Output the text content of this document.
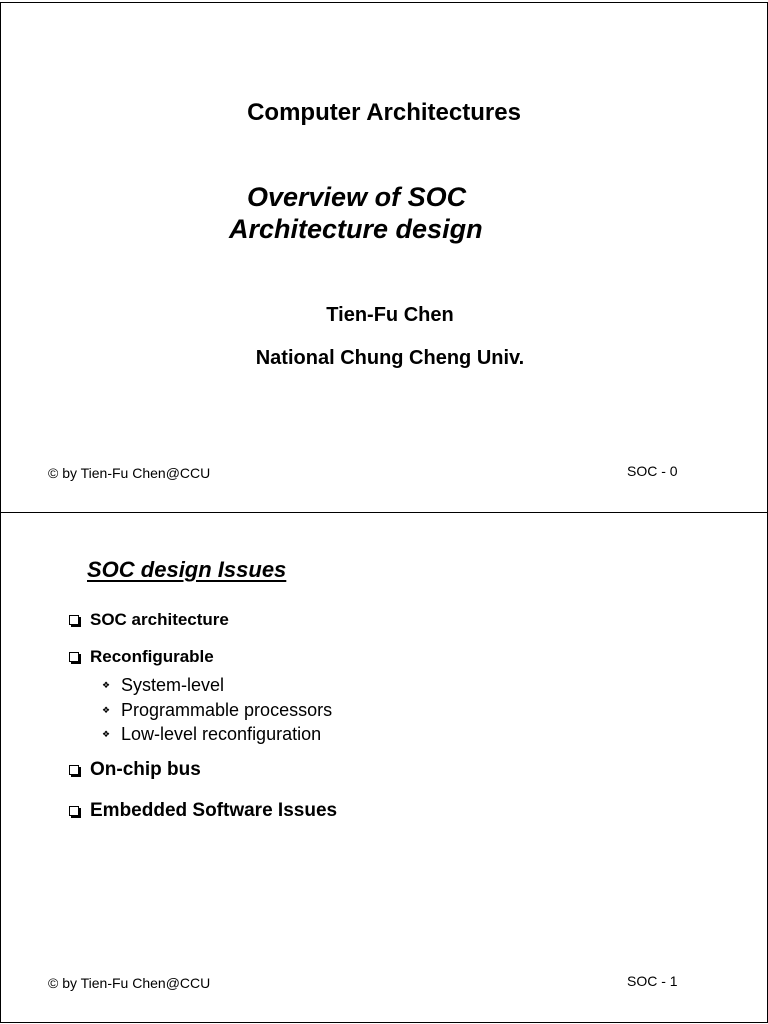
Computer Architectures
Overview of SOC
Architecture design
Tien-Fu Chen
National Chung Cheng Univ.
© by Tien-Fu Chen@CCU	SOC - 0
SOC design Issues
SOC architecture
Reconfigurable
❖ System-level
❖ Programmable processors
❖ Low-level reconfiguration
On-chip bus
Embedded Software Issues
© by Tien-Fu Chen@CCU	SOC - 1
